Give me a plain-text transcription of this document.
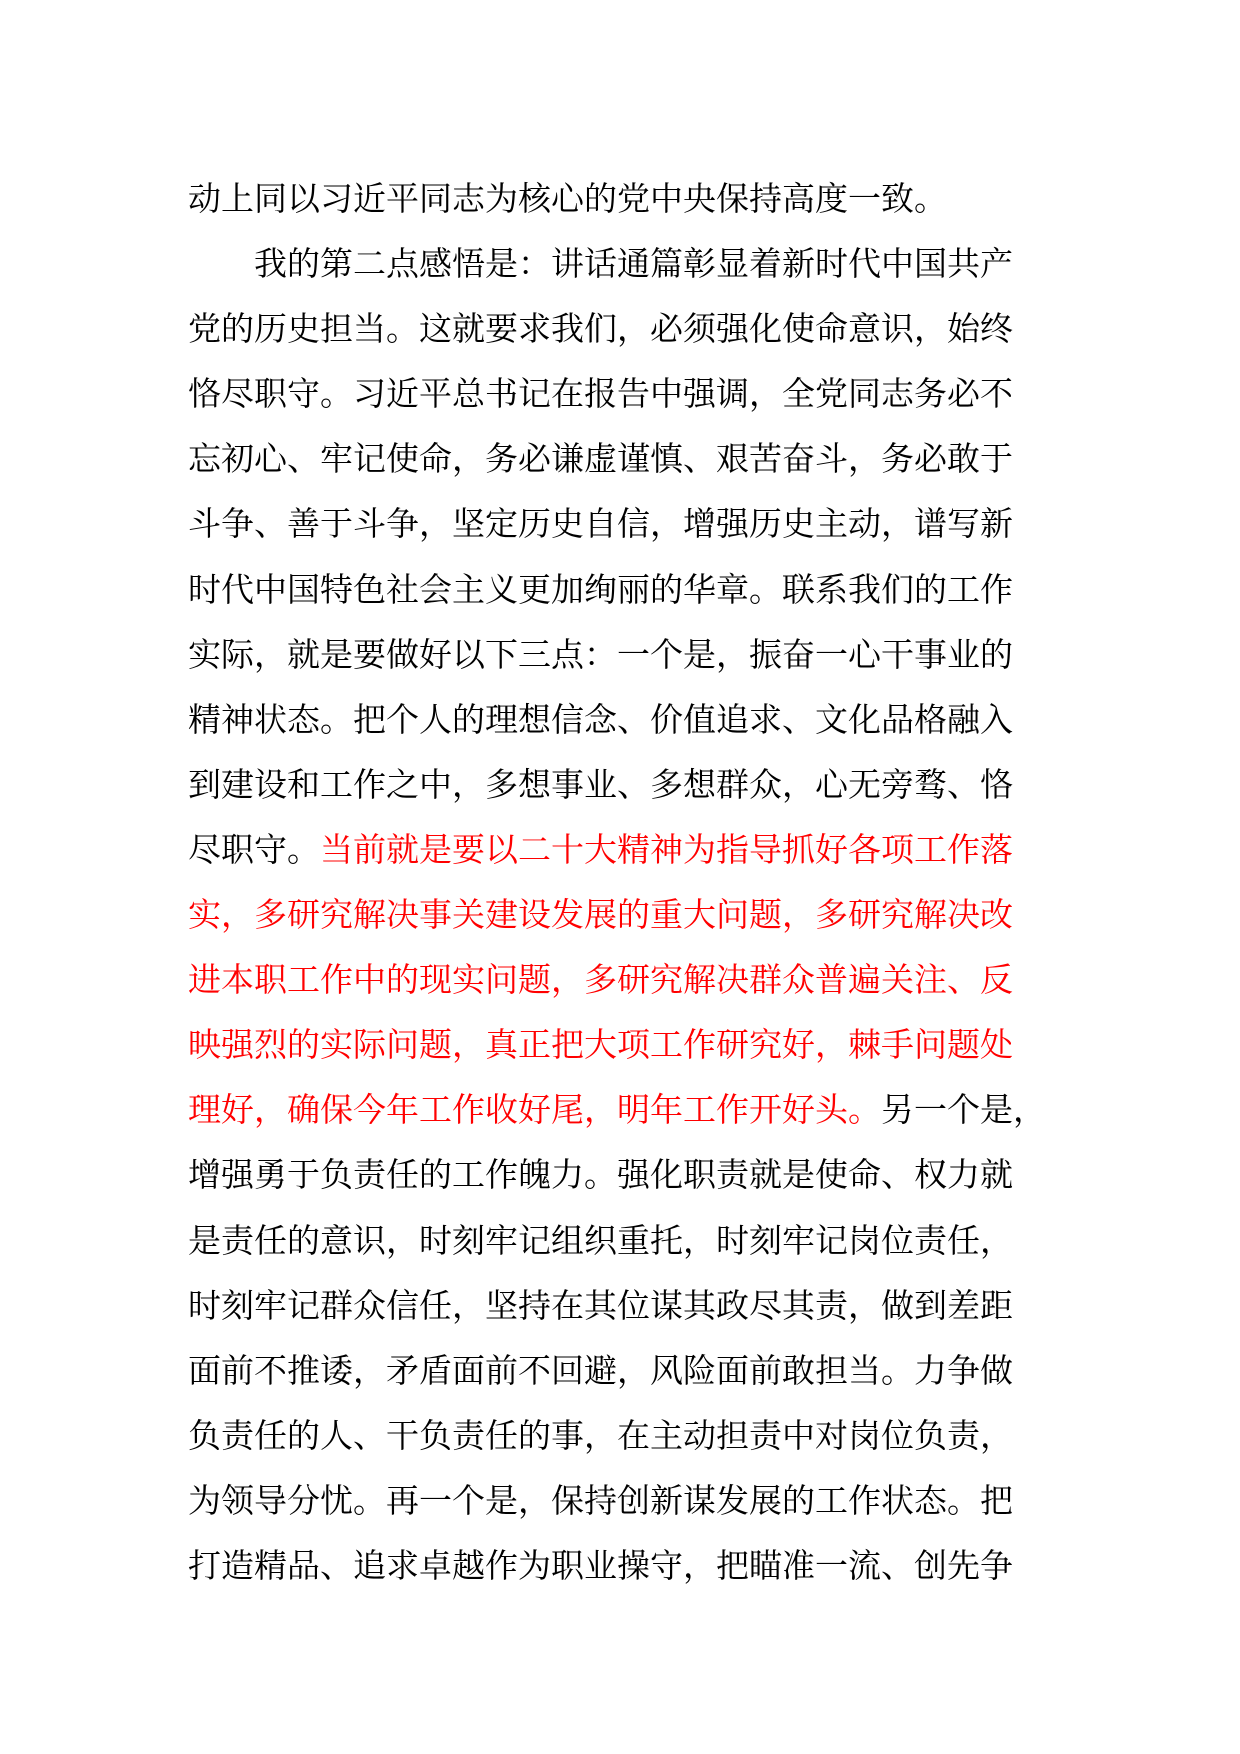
动上同以习近平同志为核心的党中央保持高度一致。
　　我的第二点感悟是：讲话通篇彰显着新时代中国共产
党的历史担当。这就要求我们，必须强化使命意识，始终
恪尽职守。习近平总书记在报告中强调，全党同志务必不
忘初心、牢记使命，务必谦虚谨慎、艰苦奋斗，务必敢于
斗争、善于斗争，坚定历史自信，增强历史主动，谱写新
时代中国特色社会主义更加绚丽的华章。联系我们的工作
实际，就是要做好以下三点：一个是，振奋一心干事业的
精神状态。把个人的理想信念、价值追求、文化品格融入
到建设和工作之中，多想事业、多想群众，心无旁骛、恪
尽职守。当前就是要以二十大精神为指导抓好各项工作落
实，多研究解决事关建设发展的重大问题，多研究解决改
进本职工作中的现实问题，多研究解决群众普遍关注、反
映强烈的实际问题，真正把大项工作研究好，棘手问题处
理好，确保今年工作收好尾，明年工作开好头。另一个是，
增强勇于负责任的工作魄力。强化职责就是使命、权力就
是责任的意识，时刻牢记组织重托，时刻牢记岗位责任，
时刻牢记群众信任，坚持在其位谋其政尽其责，做到差距
面前不推诿，矛盾面前不回避，风险面前敢担当。力争做
负责任的人、干负责任的事，在主动担责中对岗位负责，
为领导分忧。再一个是，保持创新谋发展的工作状态。把
打造精品、追求卓越作为职业操守，把瞄准一流、创先争
